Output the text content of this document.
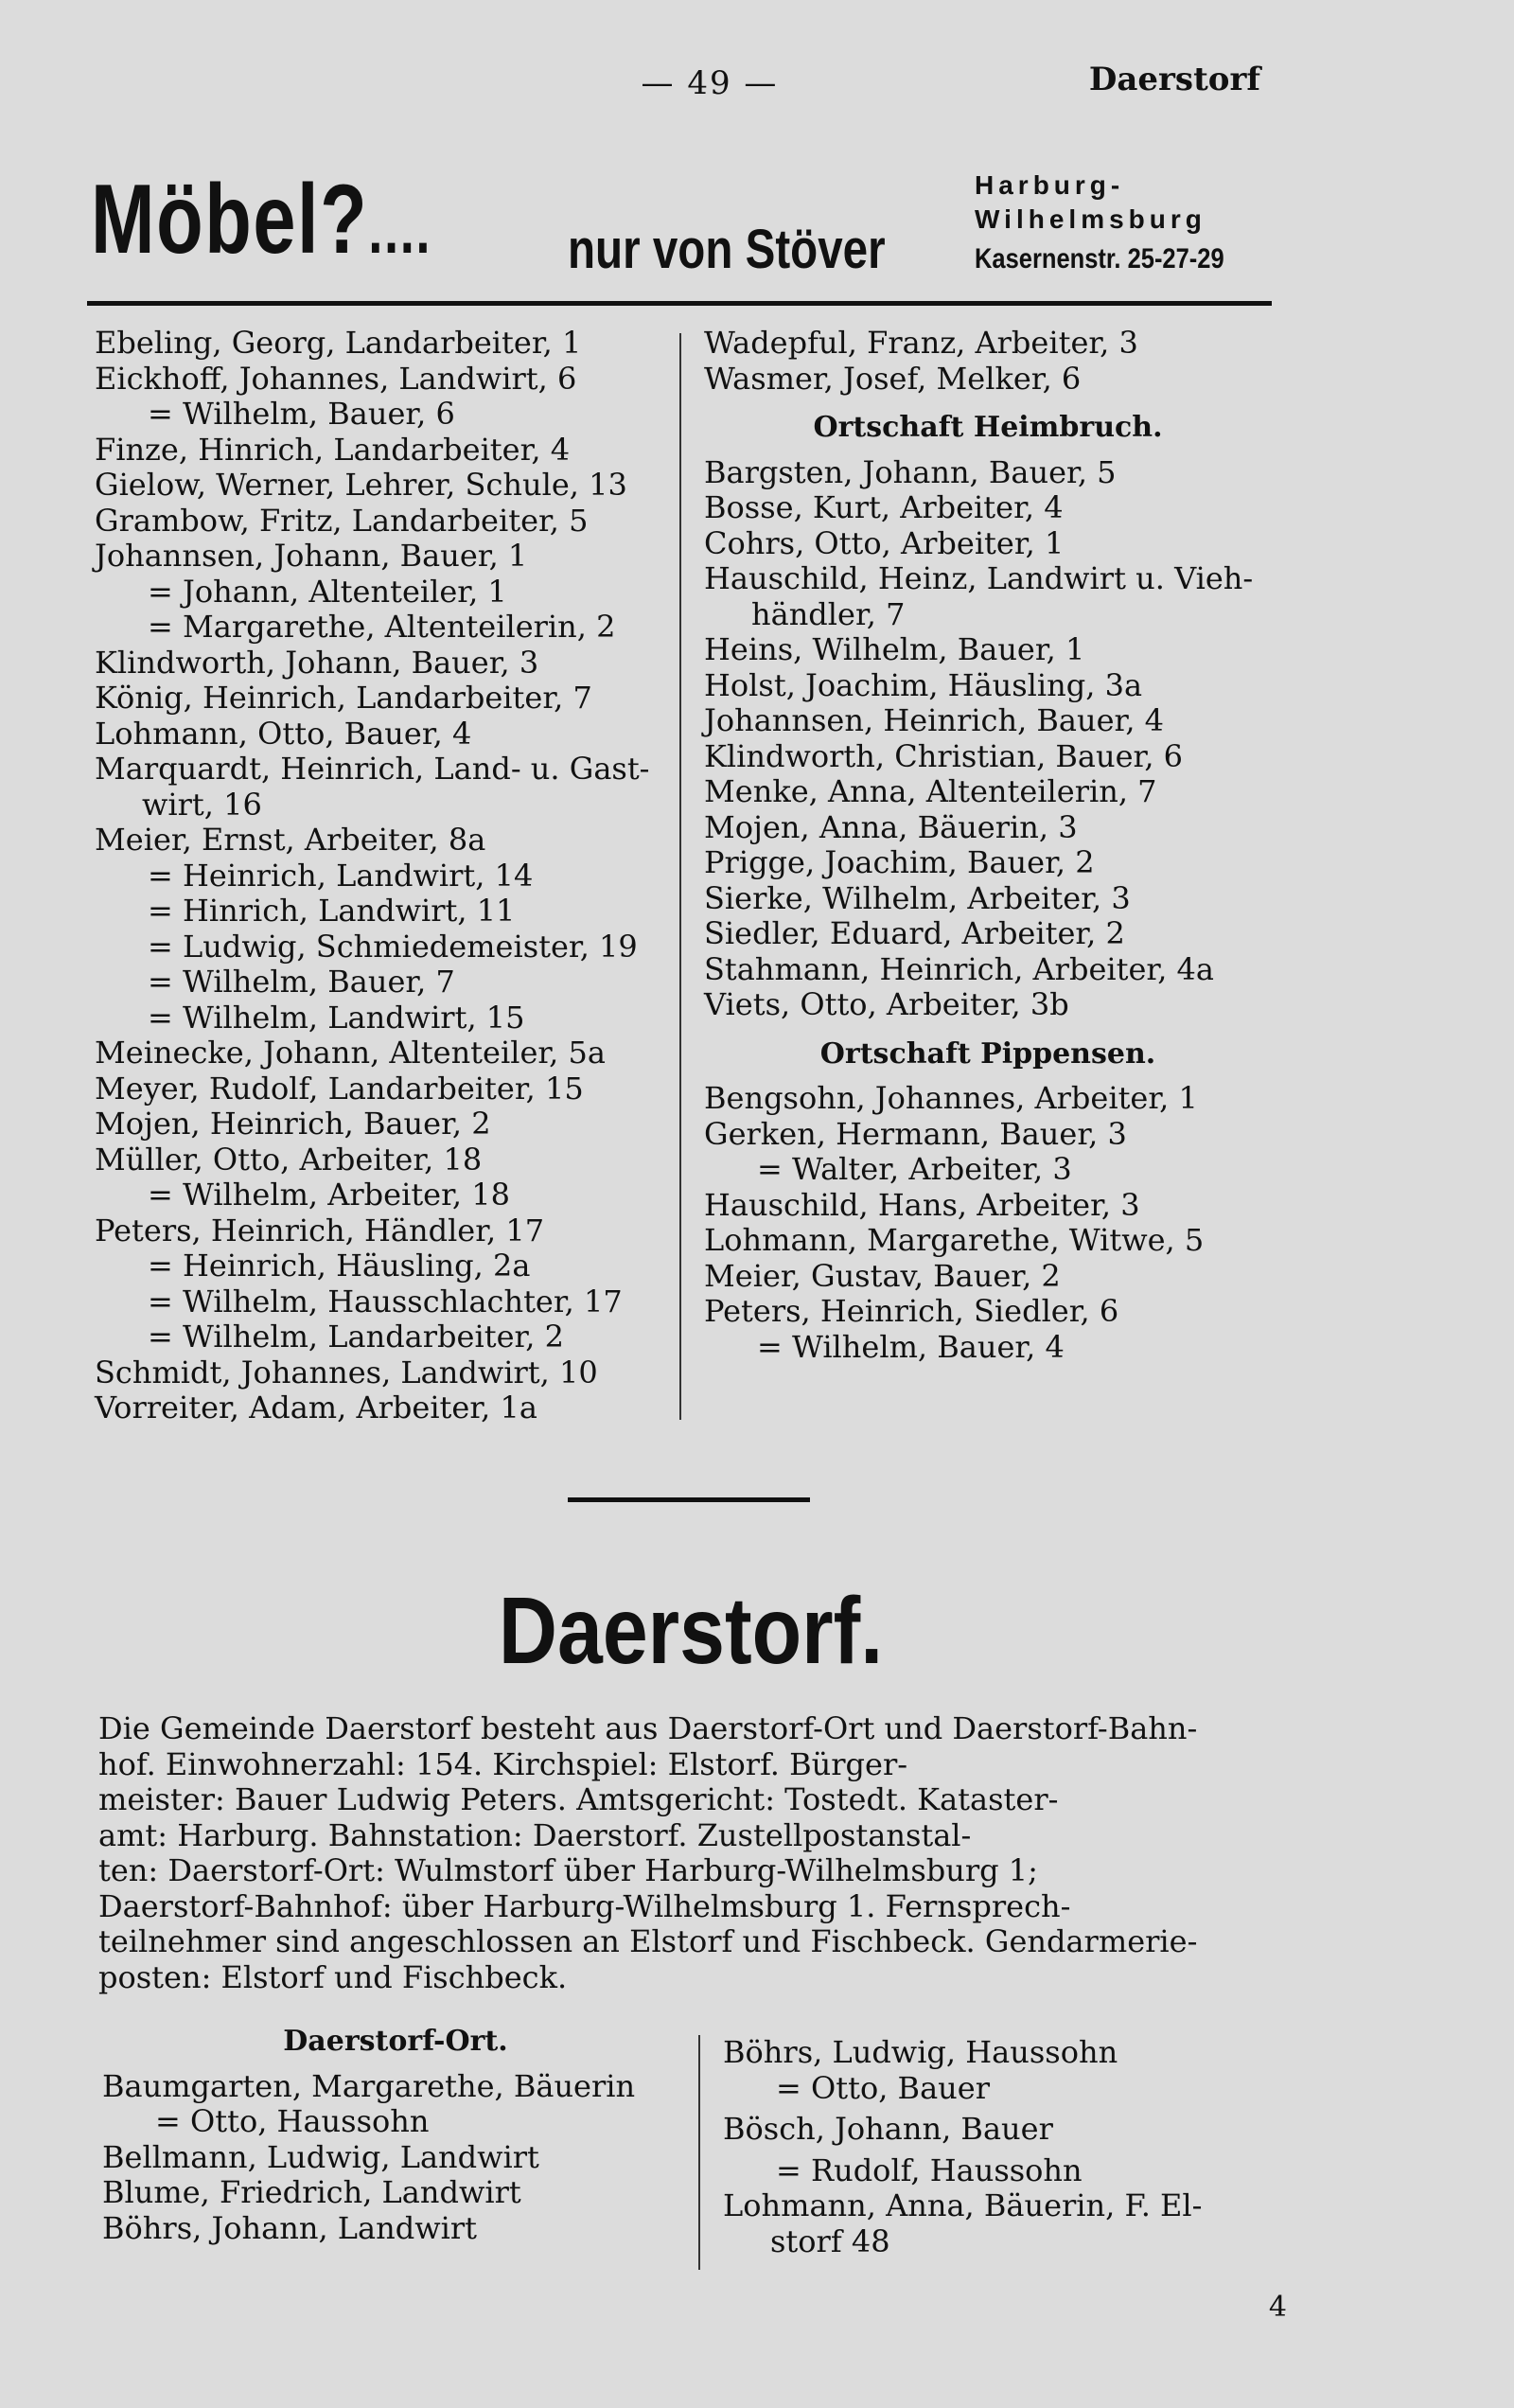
— 49 —	Daerstorf
Möbel?.... nur von Stöver
Harburg-
Wilhelmsburg
Kasernenstr. 25-27-29
Ebeling, Georg, Landarbeiter, 1
Eickhoff, Johannes, Landwirt, 6
= Wilhelm, Bauer, 6
Finze, Hinrich, Landarbeiter, 4
Gielow, Werner, Lehrer, Schule, 13
Grambow, Fritz, Landarbeiter, 5
Johannsen, Johann, Bauer, 1
= Johann, Altenteiler, 1
= Margarethe, Altenteilerin, 2
Klindworth, Johann, Bauer, 3
König, Heinrich, Landarbeiter, 7
Lohmann, Otto, Bauer, 4
Marquardt, Heinrich, Land- u. Gast-
wirt, 16
Meier, Ernst, Arbeiter, 8a
= Heinrich, Landwirt, 14
= Hinrich, Landwirt, 11
= Ludwig, Schmiedemeister, 19
= Wilhelm, Bauer, 7
= Wilhelm, Landwirt, 15
Meinecke, Johann, Altenteiler, 5a
Meyer, Rudolf, Landarbeiter, 15
Mojen, Heinrich, Bauer, 2
Müller, Otto, Arbeiter, 18
= Wilhelm, Arbeiter, 18
Peters, Heinrich, Händler, 17
= Heinrich, Häusling, 2a
= Wilhelm, Hausschlachter, 17
= Wilhelm, Landarbeiter, 2
Schmidt, Johannes, Landwirt, 10
Vorreiter, Adam, Arbeiter, 1a
Wadepful, Franz, Arbeiter, 3
Wasmer, Josef, Melker, 6
Ortschaft Heimbruch.
Bargsten, Johann, Bauer, 5
Bosse, Kurt, Arbeiter, 4
Cohrs, Otto, Arbeiter, 1
Hauschild, Heinz, Landwirt u. Vieh-
händler, 7
Heins, Wilhelm, Bauer, 1
Holst, Joachim, Häusling, 3a
Johannsen, Heinrich, Bauer, 4
Klindworth, Christian, Bauer, 6
Menke, Anna, Altenteilerin, 7
Mojen, Anna, Bäuerin, 3
Prigge, Joachim, Bauer, 2
Sierke, Wilhelm, Arbeiter, 3
Siedler, Eduard, Arbeiter, 2
Stahmann, Heinrich, Arbeiter, 4a
Viets, Otto, Arbeiter, 3b
Ortschaft Pippensen.
Bengsohn, Johannes, Arbeiter, 1
Gerken, Hermann, Bauer, 3
= Walter, Arbeiter, 3
Hauschild, Hans, Arbeiter, 3
Lohmann, Margarethe, Witwe, 5
Meier, Gustav, Bauer, 2
Peters, Heinrich, Siedler, 6
= Wilhelm, Bauer, 4
Daerstorf.
Die Gemeinde Daerstorf besteht aus Daerstorf-Ort und Daerstorf-Bahn-
hof. Einwohnerzahl: 154. Kirchspiel: Elstorf. Bürger-
meister: Bauer Ludwig Peters. Amtsgericht: Tostedt. Kataster-
amt: Harburg. Bahnstation: Daerstorf. Zustellpostanstal-
ten: Daerstorf-Ort: Wulmstorf über Harburg-Wilhelmsburg 1;
Daerstorf-Bahnhof: über Harburg-Wilhelmsburg 1. Fernsprech-
teilnehmer sind angeschlossen an Elstorf und Fischbeck. Gendarmerie-
posten: Elstorf und Fischbeck.
Daerstorf-Ort.
Baumgarten, Margarethe, Bäuerin
= Otto, Haussohn
Bellmann, Ludwig, Landwirt
Blume, Friedrich, Landwirt
Böhrs, Johann, Landwirt
Böhrs, Ludwig, Haussohn
= Otto, Bauer
Bösch, Johann, Bauer
= Rudolf, Haussohn
Lohmann, Anna, Bäuerin, F. El-
storf 48
4
